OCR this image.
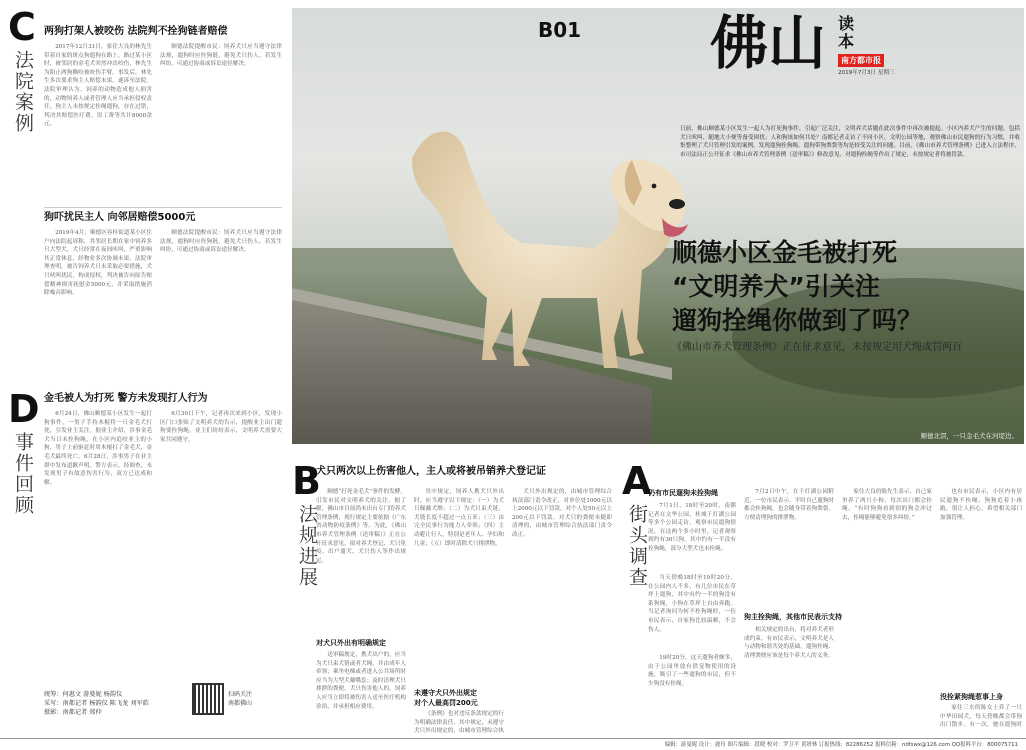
C
法院案例
两狗打架人被咬伤 法院判不拴狗链者赔偿
2017年12月31日，家住大良的林先生带着自家的斑点狗遛狗在路上，路过某小区时，被邻居的金毛犬突然冲出咬伤，林先生为阻止两狗撕咬被咬伤手臂。事发后，林先生多次要求狗主人赔偿未果，遂诉至法院。法院审理认为，饲养的动物造成他人损害的，动物饲养人或者管理人应当承担侵权责任。狗主人未按规定拴绳遛狗，存在过错，判决其赔偿医疗费、误工费等共计8000余元。
顺德法院提醒市民：饲养犬只应当遵守法律法规，遛狗时应拴狗链，避免犬只伤人。若发生纠纷，可通过协商或诉讼途径解决。
狗吓扰民主人 向邻居赔偿5000元
2019年4月，顺德区容桂街道某小区住户向法院起诉称，其邻居长期在家中饲养多只大型犬，犬只经常在夜间吠叫，严重影响其正常休息，经物业多次协调未果。法院审理查明，被告饲养犬只未采取必要措施，犬只吠叫扰民，构成侵权，判决被告向原告赔偿精神损害抚慰金5000元，并采取措施消除噪音影响。
顺德法院提醒市民：饲养犬只应当遵守法律法规，遛狗时应拴狗链，避免犬只伤人。若发生纠纷，可通过协商或诉讼途径解决。
D
事件回顾
金毛被人为打死 警方未发现打人行为
6月24日，佛山顺德某小区发生一起打狗事件，一男子手持木棍将一只金毛犬打死，引发业主关注。据业主介绍，涉事金毛犬当日未拴狗绳，在小区内追咬业主的小狗，男子上前驱赶时用木棍打了金毛犬，金毛犬最终死亡。6月28日，涉事男子在业主群中发布道歉声明。警方表示，经调查，未发现男子有故意伤害行为，双方已达成和解。
6月30日下午，记者再次来到小区，发现小区门口张贴了文明养犬的告示，提醒业主出门遛狗要拴狗绳。业主们纷纷表示，文明养犬需要大家共同遵守。
统筹：何惠文 游曼妮 杨韵仪
采写：南都记者 杨韵仪 陈飞龙 刘军皓
摄影：南都记者 郑仲
扫码关注
南都佛山
顺德北滘，一只金毛犬在河堤边。
B01 佛山 读
本
南方都市报
2019年7月3日 星期三
日前，佛山顺德某小区发生一起人为打死狗事件，引起广泛关注，文明养犬话题在此次事件中再次被提起。小区内养犬产生的问题，包括犬只吠叫、随地大小便等备受困扰；人和狗该如何共处？南都记者走访了不同小区，文明公园等地，观察佛山市民遛狗的行为习惯，并收集整理了犬只管理引发的案例，发现遛狗拴狗绳、遛狗带狗粪袋等均是较受关注的问题。目前，《佛山市养犬管理条例》已进入立法程序，市司法局正公开征求《佛山市养犬管理条例（送审稿）》修改意见，对遛狗拴绳等作出了规定，未按规定者将被罚款。
顺德小区金毛被打死
“文明养犬”引关注
遛狗拴绳你做到了吗？
《佛山市养犬管理条例》正在征求意见，未按规定用犬绳或罚两百
B
法规进展
犬只两次以上伤害他人，主人或将被吊销养犬登记证
顺德“打死金毛犬”事件的发酵，引发市民对文明养犬的关注。据了解，佛山市目前尚未出台专门的养犬管理条例，现行规定主要依据《广东省动物防疫条例》等。为此，《佛山市养犬管理条例（送审稿）》正在公开征求意见，拟对养犬登记、犬只免疫、出户遛犬、犬只伤人等作出规定。
对犬只外出有明确规定
送审稿规定，携犬出户的，应当为犬只束犬链或者犬绳，并由成年人牵领；乘坐电梯或者进入公共场所时应当为大型犬戴嘴套；及时清理犬只排泄的粪便。犬只伤害他人的，饲养人应当立即将被伤害人送至医疗机构诊治，并承担相应费用。
其中规定，饲养人携犬只外出时，应当遵守以下规定：（一）为犬只佩戴犬牌；（二）为犬只束犬链，犬链长度不超过一点五米；（三）由完全民事行为能力人牵领；（四）主动避让行人，特别是老年人、孕妇和儿童；（五）即时清除犬只排泄物。
未遵守犬只外出规定
对个人最高罚200元
《条例》也对违反条款规定的行为明确法律责任，其中规定，未遵守犬只外出规定的，由城市管理综合执
犬只外出规定的，由城市管理综合执法部门责令改正，对单位处1000元以上2000元以下罚款，对个人处50元以上200元以下罚款。对犬只的粪便未随即清理的，由城市管理综合执法部门责令改正。
A
街头调查
仍有市民遛狗未拴狗绳
7月1日，18时至20时，南都记者在文华公园、桂城千灯湖公园等多个公园走访，观察市民遛狗情况。在这两个多小时里，记者观察到约有30只狗，其中约有一半没有拴狗绳，部分大型犬也未拴绳。
当天傍晚18时至19时20分，在公园内人不多，有几位市民在草坪上遛狗，其中有约一半的狗没有系狗绳，小狗在草坪上自由奔跑。当记者询问为何不拴狗绳时，一位市民表示，自家狗比较温顺，不会伤人。
19时20分，这天遛狗者颇多，由于公园里放有供宠物使用的设施，吸引了一些遛狗的市民，但不少狗没有拴绳。
7月2日中午，在千灯湖公园附近，一位市民表示，平时自己遛狗时都会拴狗绳，也会随身带着狗粪袋，方便清理狗的排泄物。
狗主拴狗绳，其他市民表示支持
相关规定的出台，将对养犬者形成约束。有市民表示，文明养犬是人与动物和谐共处的基础，遛狗拴绳、清理粪便应该是每个养犬人的义务。
家住大良的陈先生表示，自己家里养了两只小狗，每次出门都会拴绳。“有时狗狗看到别的狗会冲过去，拴绳能够避免很多纠纷。”
也有市民表示，小区内有居民遛狗不拴绳，狗狗追着小孩跑，很让人担心，希望相关部门加强管理。
没拴紧狗绳惹事上身
家住三水的陈女士养了一只中华田园犬，每天傍晚都会带狗出门散步。有一次，她在遛狗时
编辑：游曼妮 设计：鹿玲 图片编辑：段晓 校对：罗卫平 黄妍林 订报热线：82286252 报料信箱：ndfswx@126.com QQ报料平台：800075711
